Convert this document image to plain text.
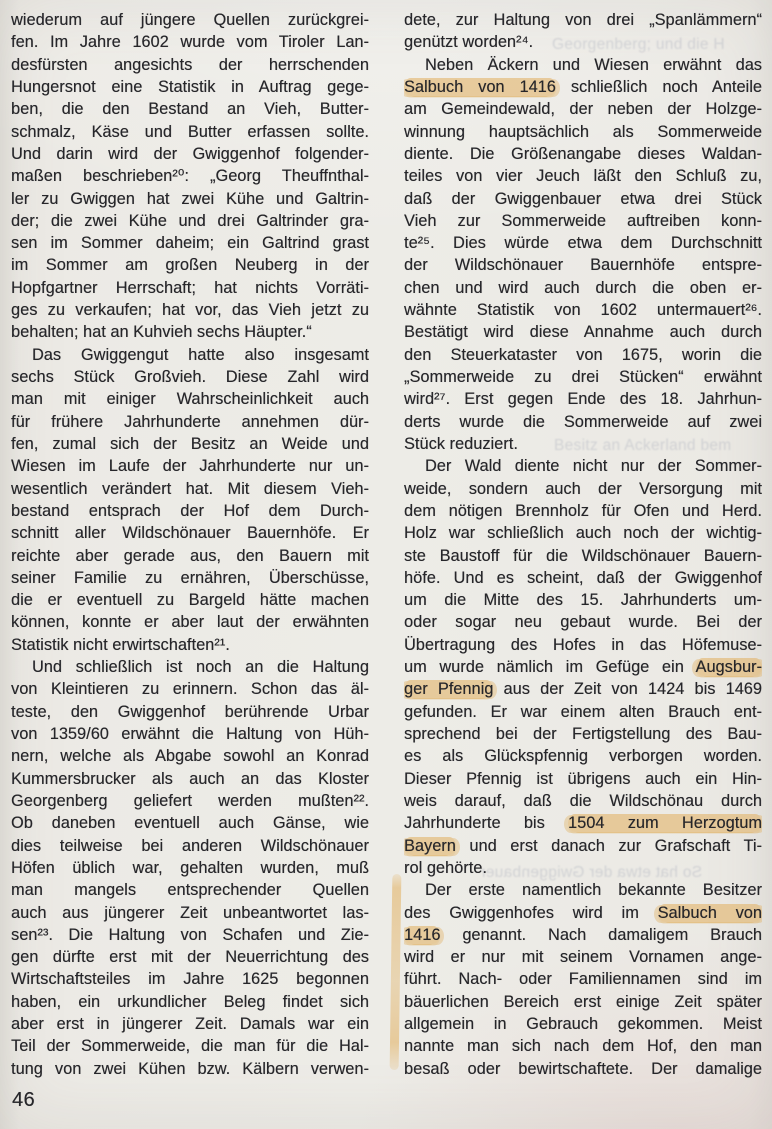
Georgenberg; und die H
Besitz an Ackerland bem
So hat etwa der Gwiggenbauer
wiederum auf jüngere Quellen zurückgrei-
fen. Im Jahre 1602 wurde vom Tiroler Lan-
desfürsten angesichts der herrschenden
Hungersnot eine Statistik in Auftrag gege-
ben, die den Bestand an Vieh, Butter-
schmalz, Käse und Butter erfassen sollte.
Und darin wird der Gwiggenhof folgender-
maßen beschrieben²⁰: „Georg Theuffnthal-
ler zu Gwiggen hat zwei Kühe und Galtrin-
der; die zwei Kühe und drei Galtrinder gra-
sen im Sommer daheim; ein Galtrind grast
im Sommer am großen Neuberg in der
Hopfgartner Herrschaft; hat nichts Vorräti-
ges zu verkaufen; hat vor, das Vieh jetzt zu
behalten; hat an Kuhvieh sechs Häupter.“
Das Gwiggengut hatte also insgesamt
sechs Stück Großvieh. Diese Zahl wird
man mit einiger Wahrscheinlichkeit auch
für frühere Jahrhunderte annehmen dür-
fen, zumal sich der Besitz an Weide und
Wiesen im Laufe der Jahrhunderte nur un-
wesentlich verändert hat. Mit diesem Vieh-
bestand entsprach der Hof dem Durch-
schnitt aller Wildschönauer Bauernhöfe. Er
reichte aber gerade aus, den Bauern mit
seiner Familie zu ernähren, Überschüsse,
die er eventuell zu Bargeld hätte machen
können, konnte er aber laut der erwähnten
Statistik nicht erwirtschaften²¹.
Und schließlich ist noch an die Haltung
von Kleintieren zu erinnern. Schon das äl-
teste, den Gwiggenhof berührende Urbar
von 1359/60 erwähnt die Haltung von Hüh-
nern, welche als Abgabe sowohl an Konrad
Kummersbrucker als auch an das Kloster
Georgenberg geliefert werden mußten²².
Ob daneben eventuell auch Gänse, wie
dies teilweise bei anderen Wildschönauer
Höfen üblich war, gehalten wurden, muß
man mangels entsprechender Quellen
auch aus jüngerer Zeit unbeantwortet las-
sen²³. Die Haltung von Schafen und Zie-
gen dürfte erst mit der Neuerrichtung des
Wirtschaftsteiles im Jahre 1625 begonnen
haben, ein urkundlicher Beleg findet sich
aber erst in jüngerer Zeit. Damals war ein
Teil der Sommerweide, die man für die Hal-
tung von zwei Kühen bzw. Kälbern verwen-
dete, zur Haltung von drei „Spanlämmern“
genützt worden²⁴.
Neben Äckern und Wiesen erwähnt das
Salbuch von 1416 schließlich noch Anteile
am Gemeindewald, der neben der Holzge-
winnung hauptsächlich als Sommerweide
diente. Die Größenangabe dieses Waldan-
teiles von vier Jeuch läßt den Schluß zu,
daß der Gwiggenbauer etwa drei Stück
Vieh zur Sommerweide auftreiben konn-
te²⁵. Dies würde etwa dem Durchschnitt
der Wildschönauer Bauernhöfe entspre-
chen und wird auch durch die oben er-
wähnte Statistik von 1602 untermauert²⁶.
Bestätigt wird diese Annahme auch durch
den Steuerkataster von 1675, worin die
„Sommerweide zu drei Stücken“ erwähnt
wird²⁷. Erst gegen Ende des 18. Jahrhun-
derts wurde die Sommerweide auf zwei
Stück reduziert.
Der Wald diente nicht nur der Sommer-
weide, sondern auch der Versorgung mit
dem nötigen Brennholz für Ofen und Herd.
Holz war schließlich auch noch der wichtig-
ste Baustoff für die Wildschönauer Bauern-
höfe. Und es scheint, daß der Gwiggenhof
um die Mitte des 15. Jahrhunderts um-
oder sogar neu gebaut wurde. Bei der
Übertragung des Hofes in das Höfemuse-
um wurde nämlich im Gefüge ein Augsbur-
ger Pfennig aus der Zeit von 1424 bis 1469
gefunden. Er war einem alten Brauch ent-
sprechend bei der Fertigstellung des Bau-
es als Glückspfennig verborgen worden.
Dieser Pfennig ist übrigens auch ein Hin-
weis darauf, daß die Wildschönau durch
Jahrhunderte bis 1504 zum Herzogtum
Bayern und erst danach zur Grafschaft Ti-
rol gehörte.
Der erste namentlich bekannte Besitzer
des Gwiggenhofes wird im Salbuch von
1416 genannt. Nach damaligem Brauch
wird er nur mit seinem Vornamen ange-
führt. Nach- oder Familiennamen sind im
bäuerlichen Bereich erst einige Zeit später
allgemein in Gebrauch gekommen. Meist
nannte man sich nach dem Hof, den man
besaß oder bewirtschaftete. Der damalige
46
